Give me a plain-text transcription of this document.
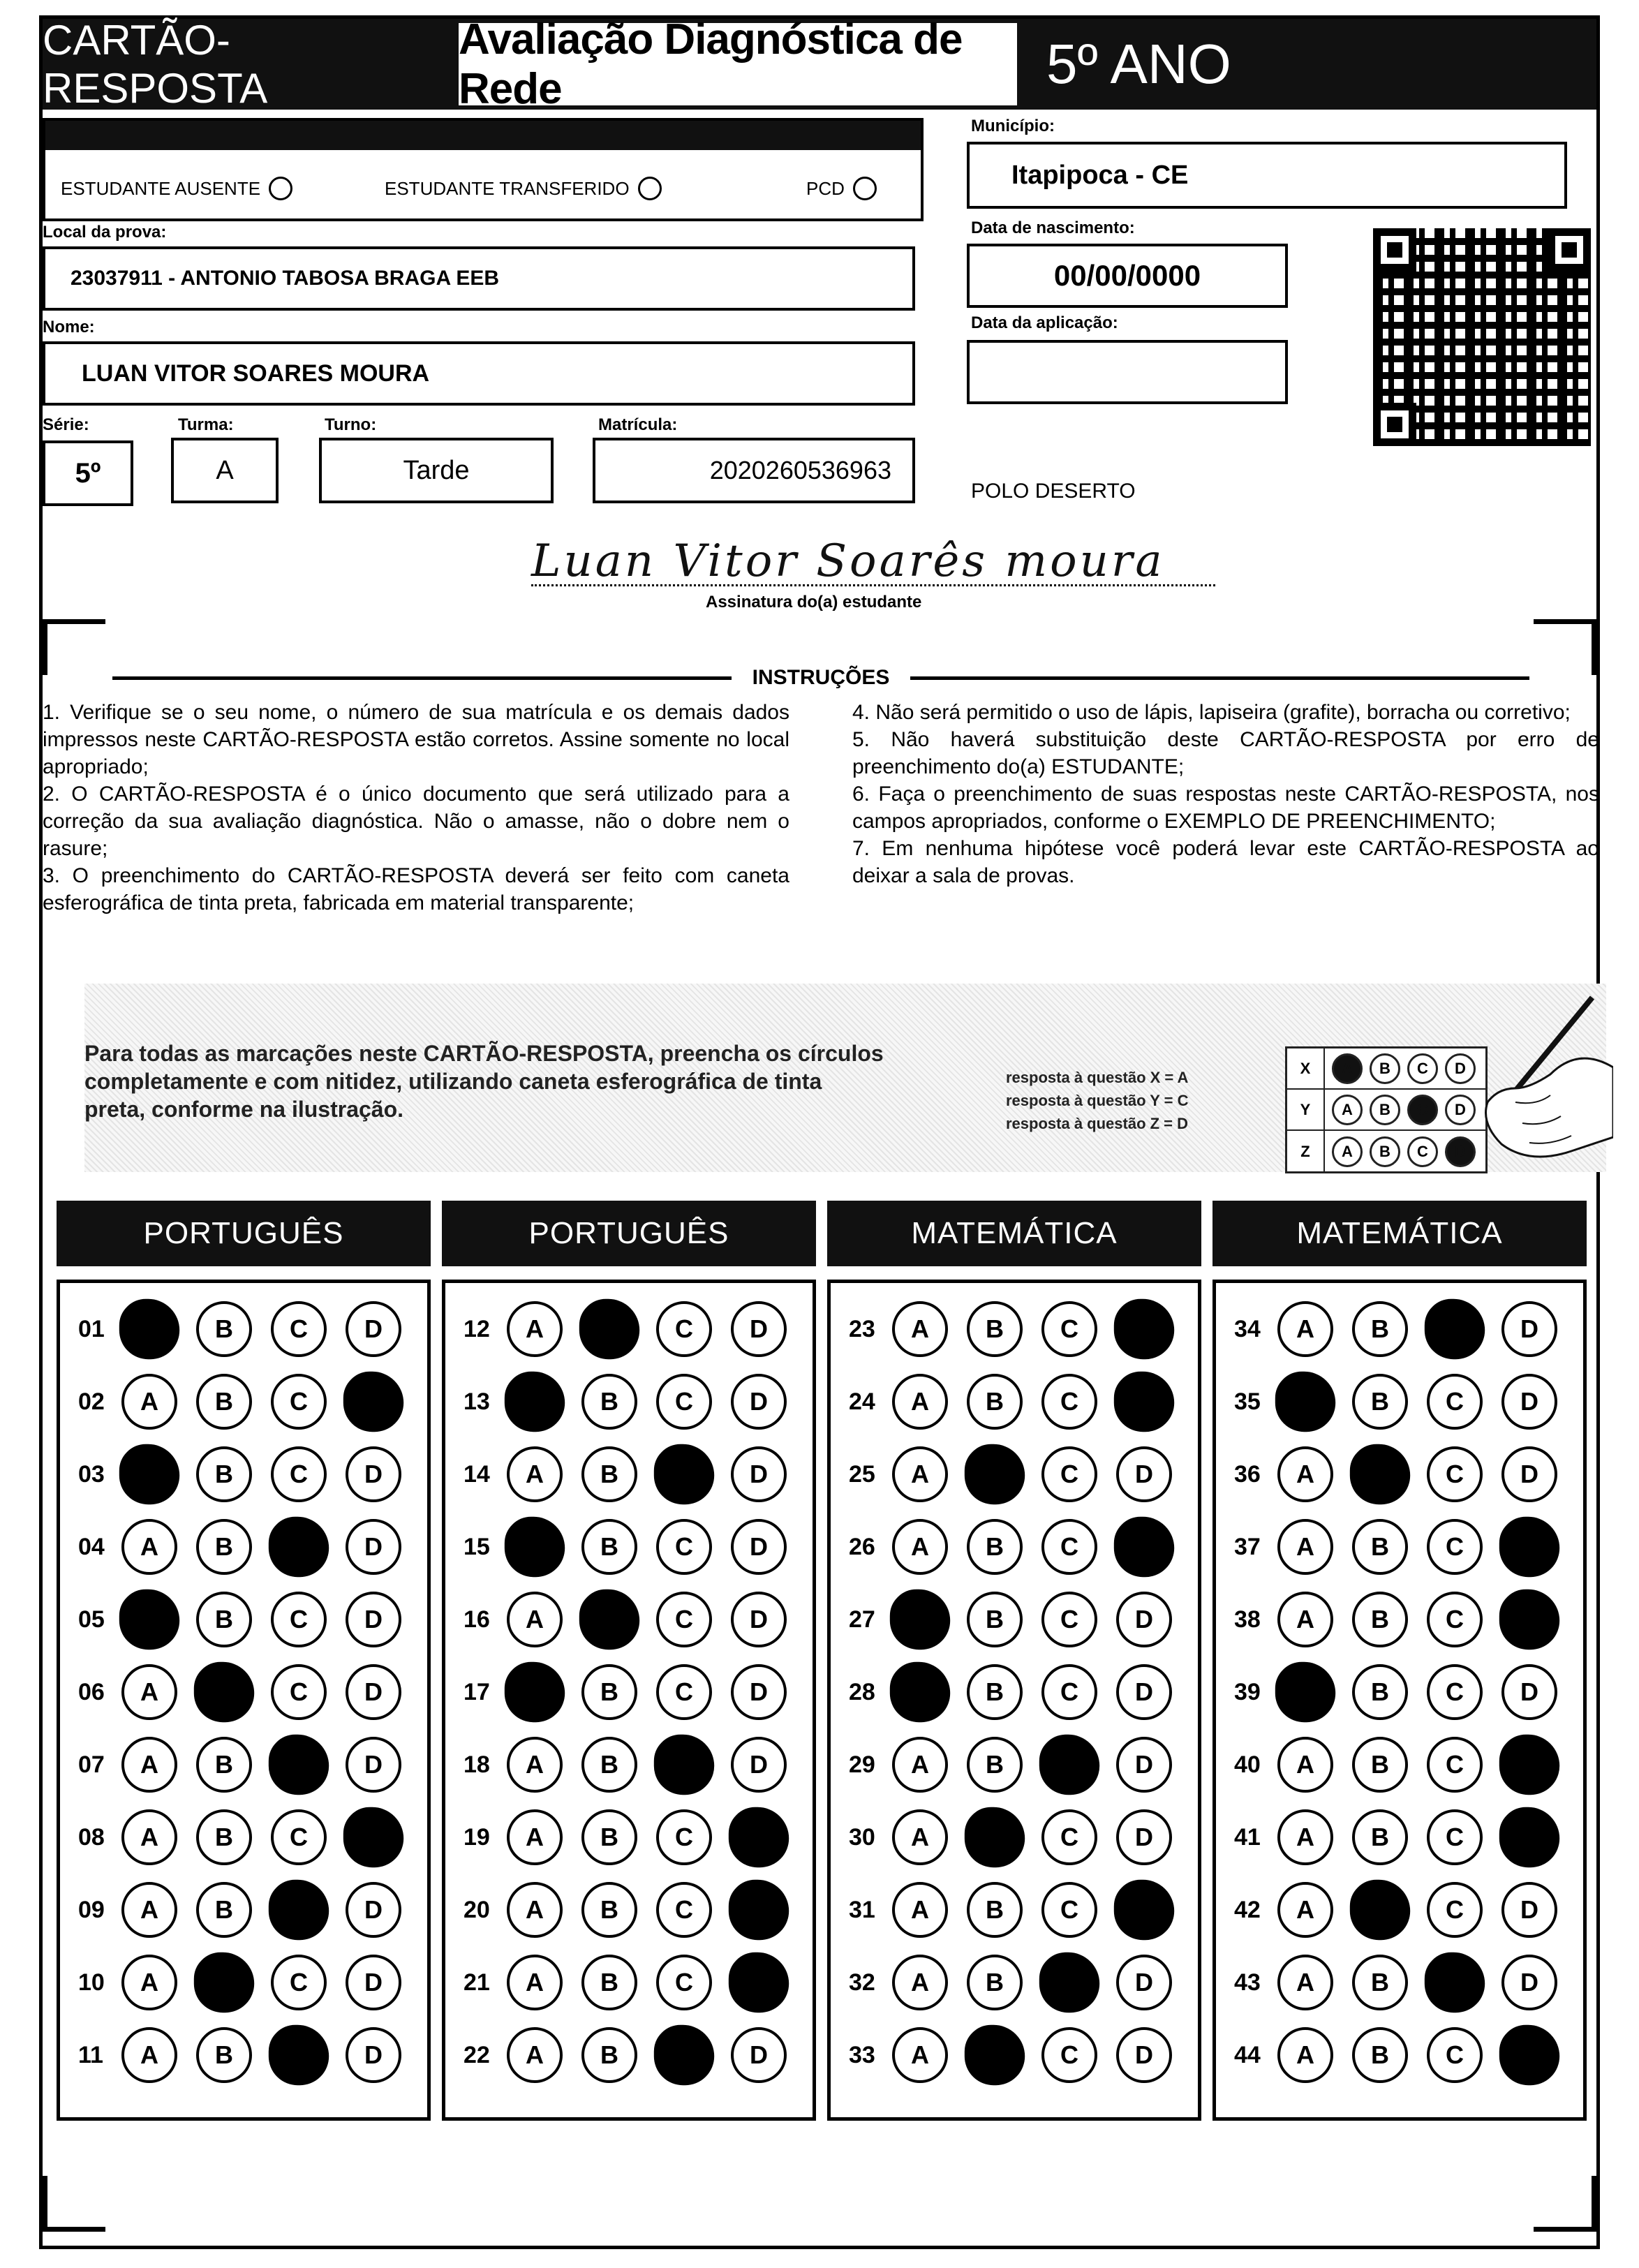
CARTÃO-RESPOSTA
Avaliação Diagnóstica de Rede	5º ANO
ESTUDANTE AUSENTE	ESTUDANTE TRANSFERIDO	PCD
Município:
Itapipoca - CE
Local da prova:
23037911 - ANTONIO TABOSA BRAGA EEB
Data de nascimento:
00/00/0000
Data da aplicação:
Nome:
LUAN VITOR SOARES MOURA
Série:
5º
Turma:
A
Turno:
Tarde
Matrícula:
2020260536963
POLO DESERTO
Luan Vitor Soarês moura
Assinatura do(a) estudante
INSTRUÇÕES
1. Verifique se o seu nome, o número de sua matrícula e os demais dados impressos neste CARTÃO-RESPOSTA estão corretos. Assine somente no local apropriado;
2. O CARTÃO-RESPOSTA é o único documento que será utilizado para a correção da sua avaliação diagnóstica. Não o amasse, não o dobre nem o rasure;
3. O preenchimento do CARTÃO-RESPOSTA deverá ser feito com caneta esferográfica de tinta preta, fabricada em material transparente;
4. Não será permitido o uso de lápis, lapiseira (grafite), borracha ou corretivo;
5. Não haverá substituição deste CARTÃO-RESPOSTA por erro de preenchimento do(a) ESTUDANTE;
6. Faça o preenchimento de suas respostas neste CARTÃO-RESPOSTA, nos campos apropriados, conforme o EXEMPLO DE PREENCHIMENTO;
7. Em nenhuma hipótese você poderá levar este CARTÃO-RESPOSTA ao deixar a sala de provas.
Para todas as marcações neste CARTÃO-RESPOSTA, preencha os círculos completamente e com nitidez, utilizando caneta esferográfica de tinta preta, conforme na ilustração.
resposta à questão X = A
resposta à questão Y = C
resposta à questão Z = D
X	A	B	C	D
Y	A	B	C	D
Z	A	B	C	D
PORTUGUÊS
01	A	B	C	D
02	A	B	C	D
03	A	B	C	D
04	A	B	C	D
05	A	B	C	D
06	A	B	C	D
07	A	B	C	D
08	A	B	C	D
09	A	B	C	D
10	A	B	C	D
11	A	B	C	D
PORTUGUÊS
12	A	B	C	D
13	A	B	C	D
14	A	B	C	D
15	A	B	C	D
16	A	B	C	D
17	A	B	C	D
18	A	B	C	D
19	A	B	C	D
20	A	B	C	D
21	A	B	C	D
22	A	B	C	D
MATEMÁTICA
23	A	B	C	D
24	A	B	C	D
25	A	B	C	D
26	A	B	C	D
27	A	B	C	D
28	A	B	C	D
29	A	B	C	D
30	A	B	C	D
31	A	B	C	D
32	A	B	C	D
33	A	B	C	D
MATEMÁTICA
34	A	B	C	D
35	A	B	C	D
36	A	B	C	D
37	A	B	C	D
38	A	B	C	D
39	A	B	C	D
40	A	B	C	D
41	A	B	C	D
42	A	B	C	D
43	A	B	C	D
44	A	B	C	D
